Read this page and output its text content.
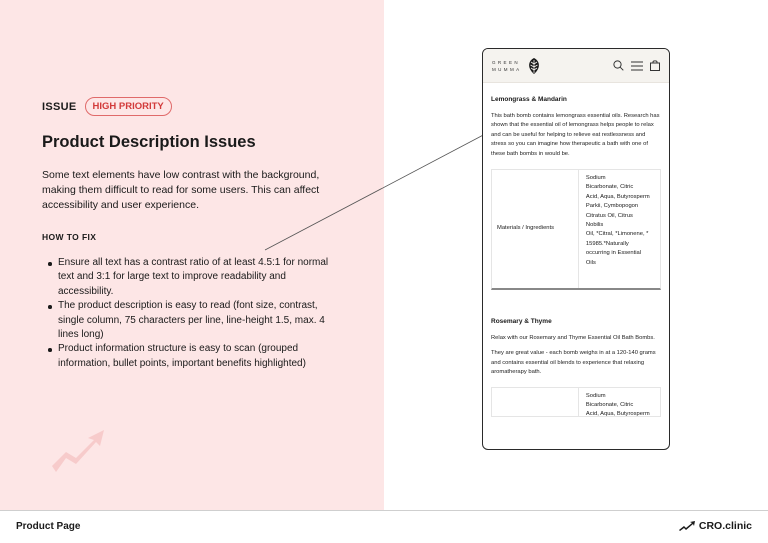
ISSUE	HIGH PRIORITY
Product Description Issues

Some text elements have low contrast with the background, making them difficult to read for some users. This can affect accessibility and user experience.

HOW TO FIX
Ensure all text has a contrast ratio of at least 4.5:1 for normal text and 3:1 for large text to improve readability and accessibility.
The product description is easy to read (font size, contrast, single column, 75 characters per line, line-height 1.5, max. 4 lines long)
Product information structure is easy to scan (grouped information, bullet points, important benefits highlighted)
GREEN
MUMMA
Lemongrass & Mandarin

This bath bomb contains lemongrass essential oils. Research has shown that the essential oil of lemongrass helps people to relax and can be useful for helping to relieve eat restlessness and stress so you can imagine how therapeutic a bath with one of these bath bombs in would be.

Materials / Ingredients
Sodium
Bicarbonate, Citric
Acid, Aqua, Butyrosperm
Parkii, Cymbopogon
Citratus Oil, Citrus
Nobilis
Oil, *Citral, *Limonene, *
15985.*Naturally
occurring in Essential
Oils
Rosemary & Thyme

Relax with our Rosemary and Thyme Essential Oil Bath Bombs.

They are great value - each bomb weighs in at a 120-140 grams and contains essential oil blends to experience that relaxing aromatherapy bath.

Sodium
Bicarbonate, Citric
Acid, Aqua, Butyrosperm
Product Page	CRO.clinic
